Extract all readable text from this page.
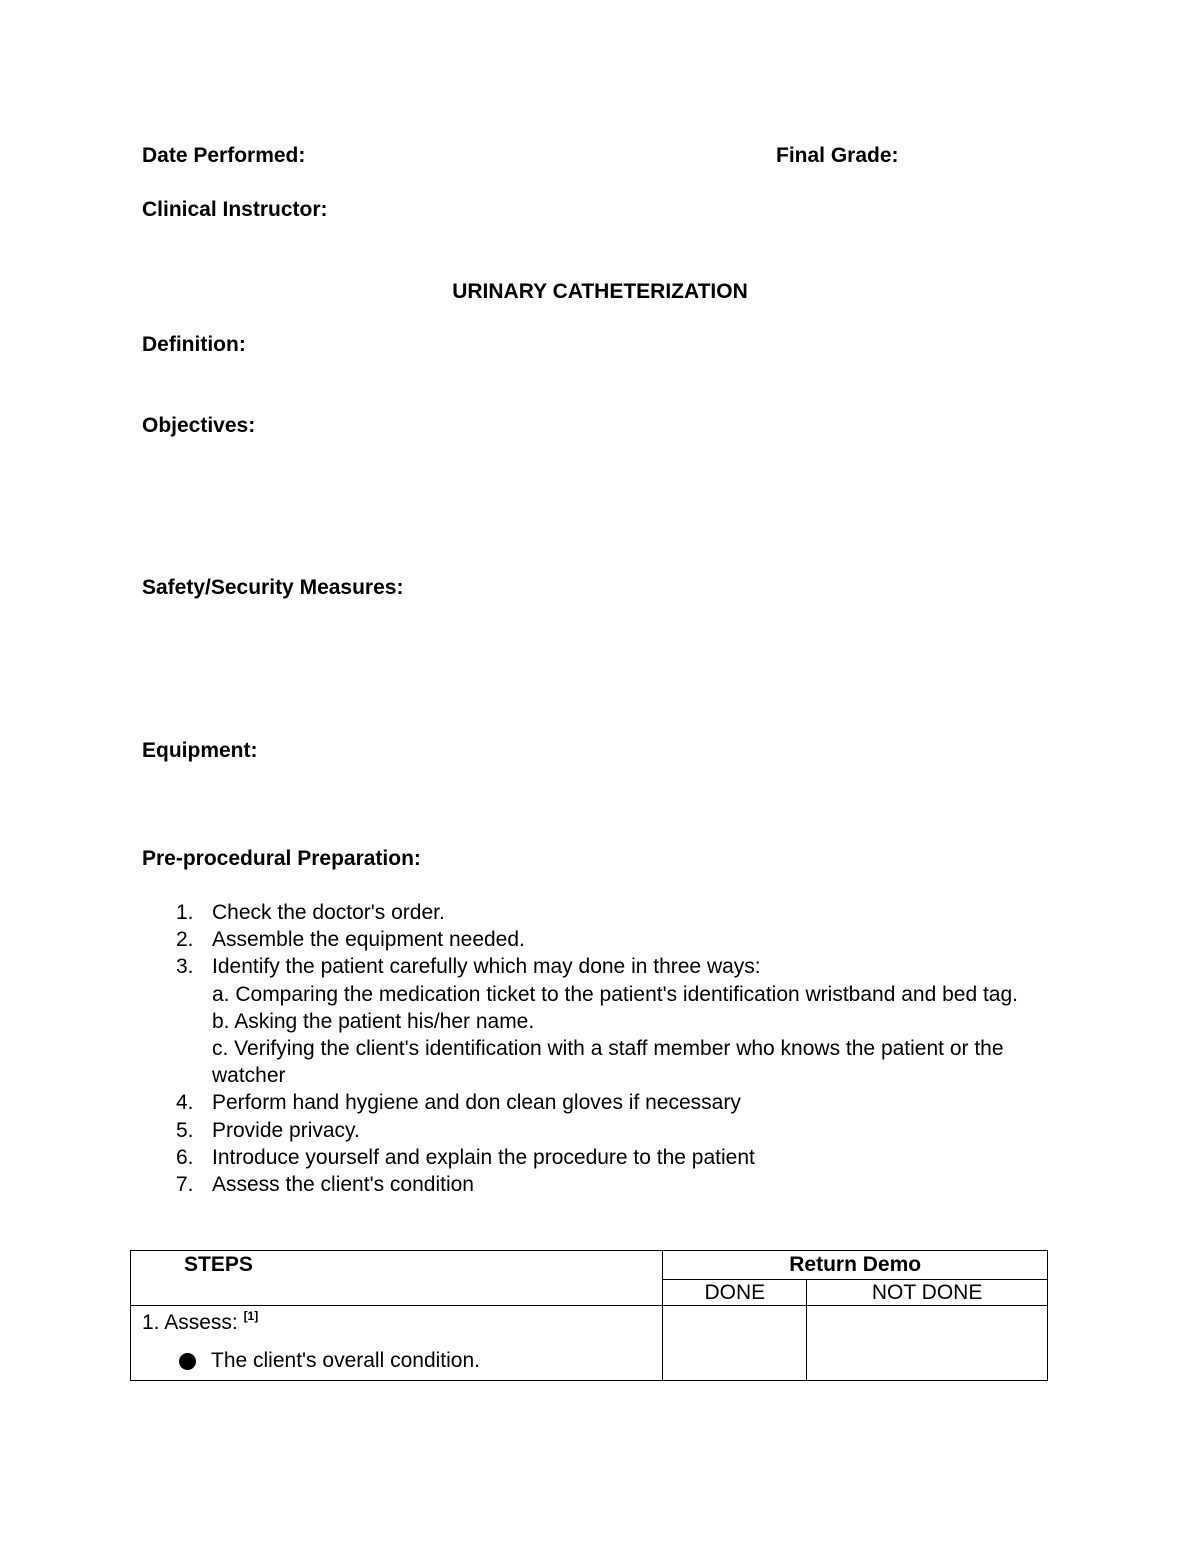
Date Performed:	Final Grade:
Clinical Instructor:
URINARY CATHETERIZATION
Definition:
Objectives:
Safety/Security Measures:
Equipment:
Pre-procedural Preparation:
1. Check the doctor's order.
2. Assemble the equipment needed.
3. Identify the patient carefully which may done in three ways:
a. Comparing the medication ticket to the patient's identification wristband and bed tag.
b. Asking the patient his/her name.
c. Verifying the client's identification with a staff member who knows the patient or the watcher
4. Perform hand hygiene and don clean gloves if necessary
5. Provide privacy.
6. Introduce yourself and explain the procedure to the patient
7. Assess the client's condition
STEPS	Return Demo	
	DONE	NOT DONE

1. Assess: [1]
The client's overall condition.		
